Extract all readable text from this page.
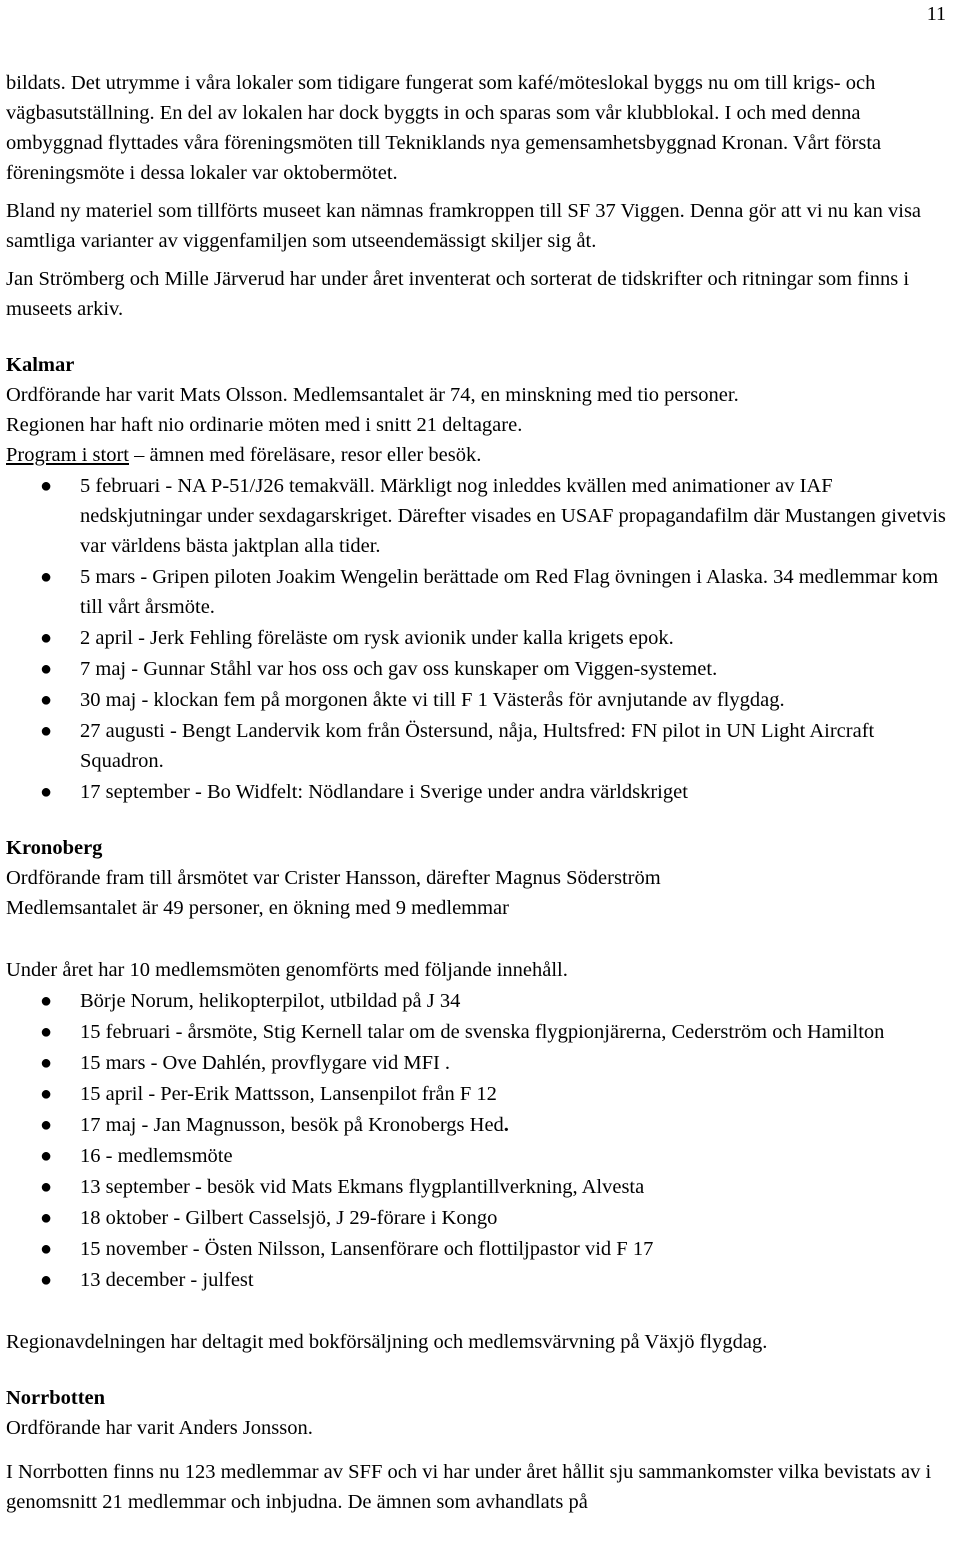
11

bildats. Det utrymme i våra lokaler som tidigare fungerat som kafé/möteslokal byggs nu om till krigs- och vägbasutställning. En del av lokalen har dock byggts in och sparas som vår klubblokal. I och med denna ombyggnad flyttades våra föreningsmöten till Tekniklands nya gemensamhetsbyggnad Kronan. Vårt första föreningsmöte i dessa lokaler var oktobermötet.

Bland ny materiel som tillförts museet kan nämnas framkroppen till SF 37 Viggen. Denna gör att vi nu kan visa samtliga varianter av viggenfamiljen som utseendemässigt skiljer sig åt.

Jan Strömberg och Mille Järverud har under året inventerat och sorterat de tidskrifter och ritningar som finns i museets arkiv.

Kalmar

Ordförande har varit Mats Olsson. Medlemsantalet är 74, en minskning med tio personer.

Regionen har haft nio ordinarie möten med i snitt 21 deltagare.

Program i stort – ämnen med föreläsare, resor eller besök.

● 5 februari - NA P-51/J26 temakväll. Märkligt nog inleddes kvällen med animationer av IAF nedskjutningar under sexdagarskriget. Därefter visades en USAF propagandafilm där Mustangen givetvis var världens bästa jaktplan alla tider.
● 5 mars - Gripen piloten Joakim Wengelin berättade om Red Flag övningen i Alaska. 34 medlemmar kom till vårt årsmöte.
● 2 april - Jerk Fehling föreläste om rysk avionik under kalla krigets epok.
● 7 maj - Gunnar Ståhl var hos oss och gav oss kunskaper om Viggen-systemet.
● 30 maj - klockan fem på morgonen åkte vi till F 1 Västerås för avnjutande av flygdag.
● 27 augusti - Bengt Landervik kom från Östersund, nåja, Hultsfred: FN pilot in UN Light Aircraft Squadron.
● 17 september - Bo Widfelt: Nödlandare i Sverige under andra världskriget

Kronoberg

Ordförande fram till årsmötet var Crister Hansson, därefter Magnus Söderström

Medlemsantalet är 49 personer, en ökning med 9 medlemmar

Under året har 10 medlemsmöten genomförts med följande innehåll.

● Börje Norum, helikopterpilot, utbildad på J 34
● 15 februari - årsmöte, Stig Kernell talar om de svenska flygpionjärerna, Cederström och Hamilton
● 15 mars - Ove Dahlén, provflygare vid MFI .
● 15 april - Per-Erik Mattsson, Lansenpilot från F 12
● 17 maj - Jan Magnusson, besök på Kronobergs Hed.
● 16 - medlemsmöte
● 13 september - besök vid Mats Ekmans flygplantillverkning, Alvesta
● 18 oktober - Gilbert Casselsjö, J 29-förare i Kongo
● 15 november - Östen Nilsson, Lansenförare och flottiljpastor vid F 17
● 13 december - julfest

Regionavdelningen har deltagit med bokförsäljning och medlemsvärvning på Växjö flygdag.

Norrbotten

Ordförande har varit Anders Jonsson.

I Norrbotten finns nu 123 medlemmar av SFF och vi har under året hållit sju sammankomster vilka bevistats av i genomsnitt 21 medlemmar och inbjudna. De ämnen som avhandlats på
